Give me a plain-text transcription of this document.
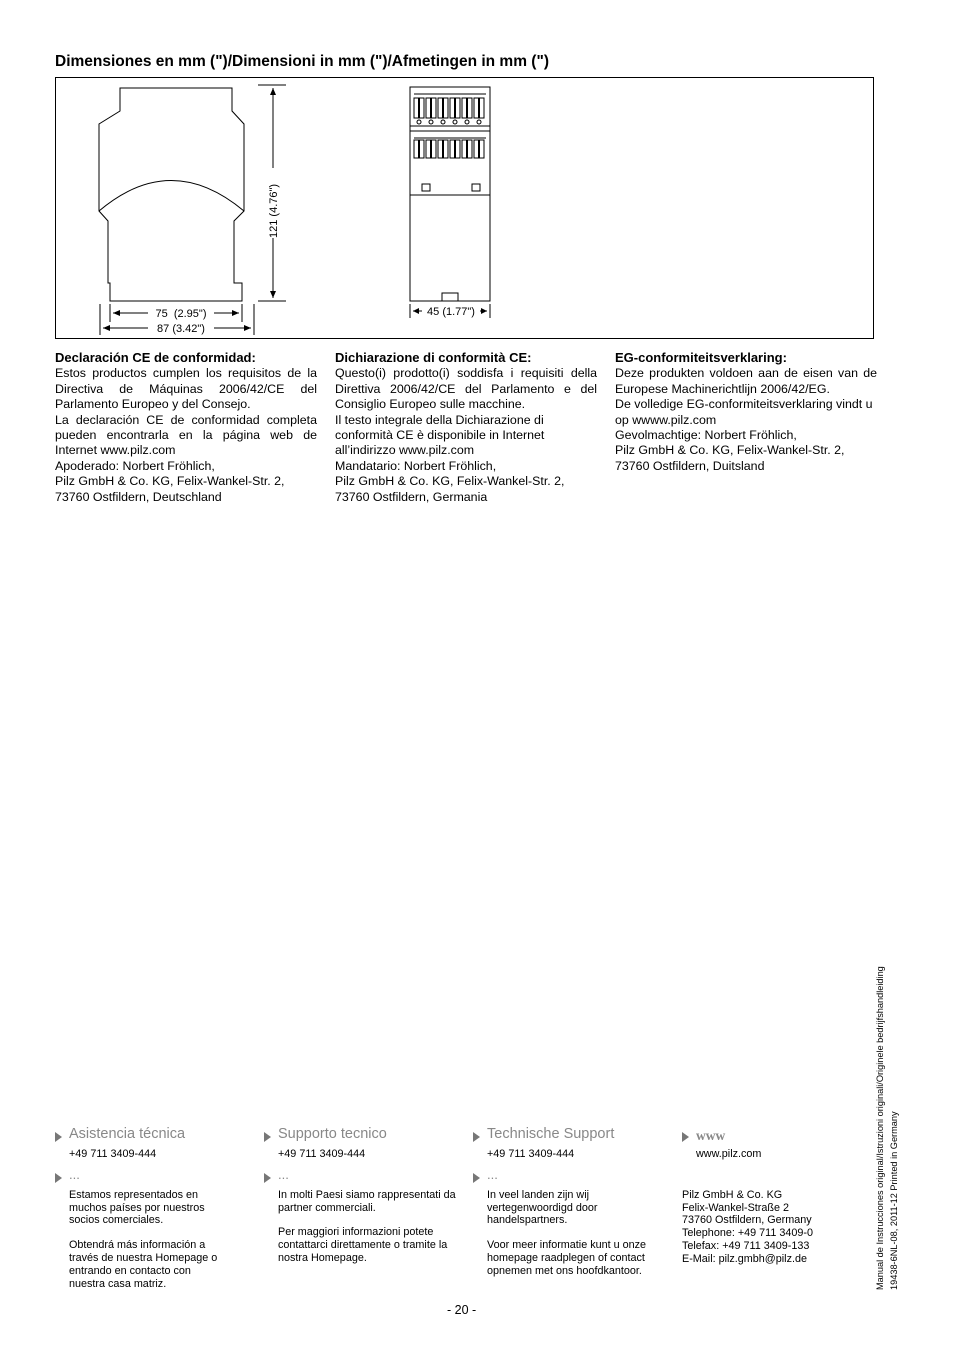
Dimensiones en mm (")/Dimensioni in mm (")/Afmetingen in mm (")
121 (4.76")
75  (2.95")
87 (3.42")
45 (1.77")
Declaración CE de conformidad:

Estos productos cumplen los requisitos de la Directiva de Máquinas 2006/42/CE del Parlamento Europeo y del Consejo.

La declaración CE de conformidad completa pueden encontrarla en la página web de Internet www.pilz.com

Apoderado: Norbert Fröhlich,

Pilz GmbH & Co. KG, Felix-Wankel-Str. 2,

73760 Ostfildern, Deutschland

Dichiarazione di conformità CE:

Questo(i) prodotto(i) soddisfa i requisiti della Direttiva 2006/42/CE del Parlamento e del Consiglio Europeo sulle macchine.

Il testo integrale della Dichiarazione di conformità CE è disponibile in Internet all’indirizzo www.pilz.com

Mandatario: Norbert Fröhlich,

Pilz GmbH & Co. KG, Felix-Wankel-Str. 2,

73760 Ostfildern, Germania

EG-conformiteitsverklaring:

Deze produkten voldoen aan de eisen van de Europese Machinerichtlijn 2006/42/EG.

De volledige EG-conformiteitsverklaring vindt u op wwww.pilz.com

Gevolmachtige: Norbert Fröhlich,

Pilz GmbH & Co. KG, Felix-Wankel-Str. 2,

73760 Ostfildern, Duitsland

Asistencia técnica
+49 711 3409-444
...
Estamos representados en muchos países por nuestros socios comerciales.
Obtendrá más información a través de nuestra Homepage o entrando en contacto con nuestra casa matriz.
Supporto tecnico
+49 711 3409-444
...
In molti Paesi siamo rappresentati da partner commerciali.
Per maggiori informazioni potete contattarci direttamente o tramite la nostra Homepage.
Technische Support
+49 711 3409-444
...
In veel landen zijn wij vertegenwoordigd door handelspartners.
Voor meer informatie kunt u onze homepage raadplegen of contact opnemen met ons hoofdkantoor.
www
www.pilz.com
Pilz GmbH & Co. KG
Felix-Wankel-Straße 2
73760 Ostfildern, Germany
Telephone: +49 711 3409-0
Telefax: +49 711 3409-133
E-Mail: pilz.gmbh@pilz.de	Manual de Instrucciones original/Istruzioni originali/Originele bedrijfshandleiding 19438-6NL-08, 2011-12 Printed in Germany
- 20 -
